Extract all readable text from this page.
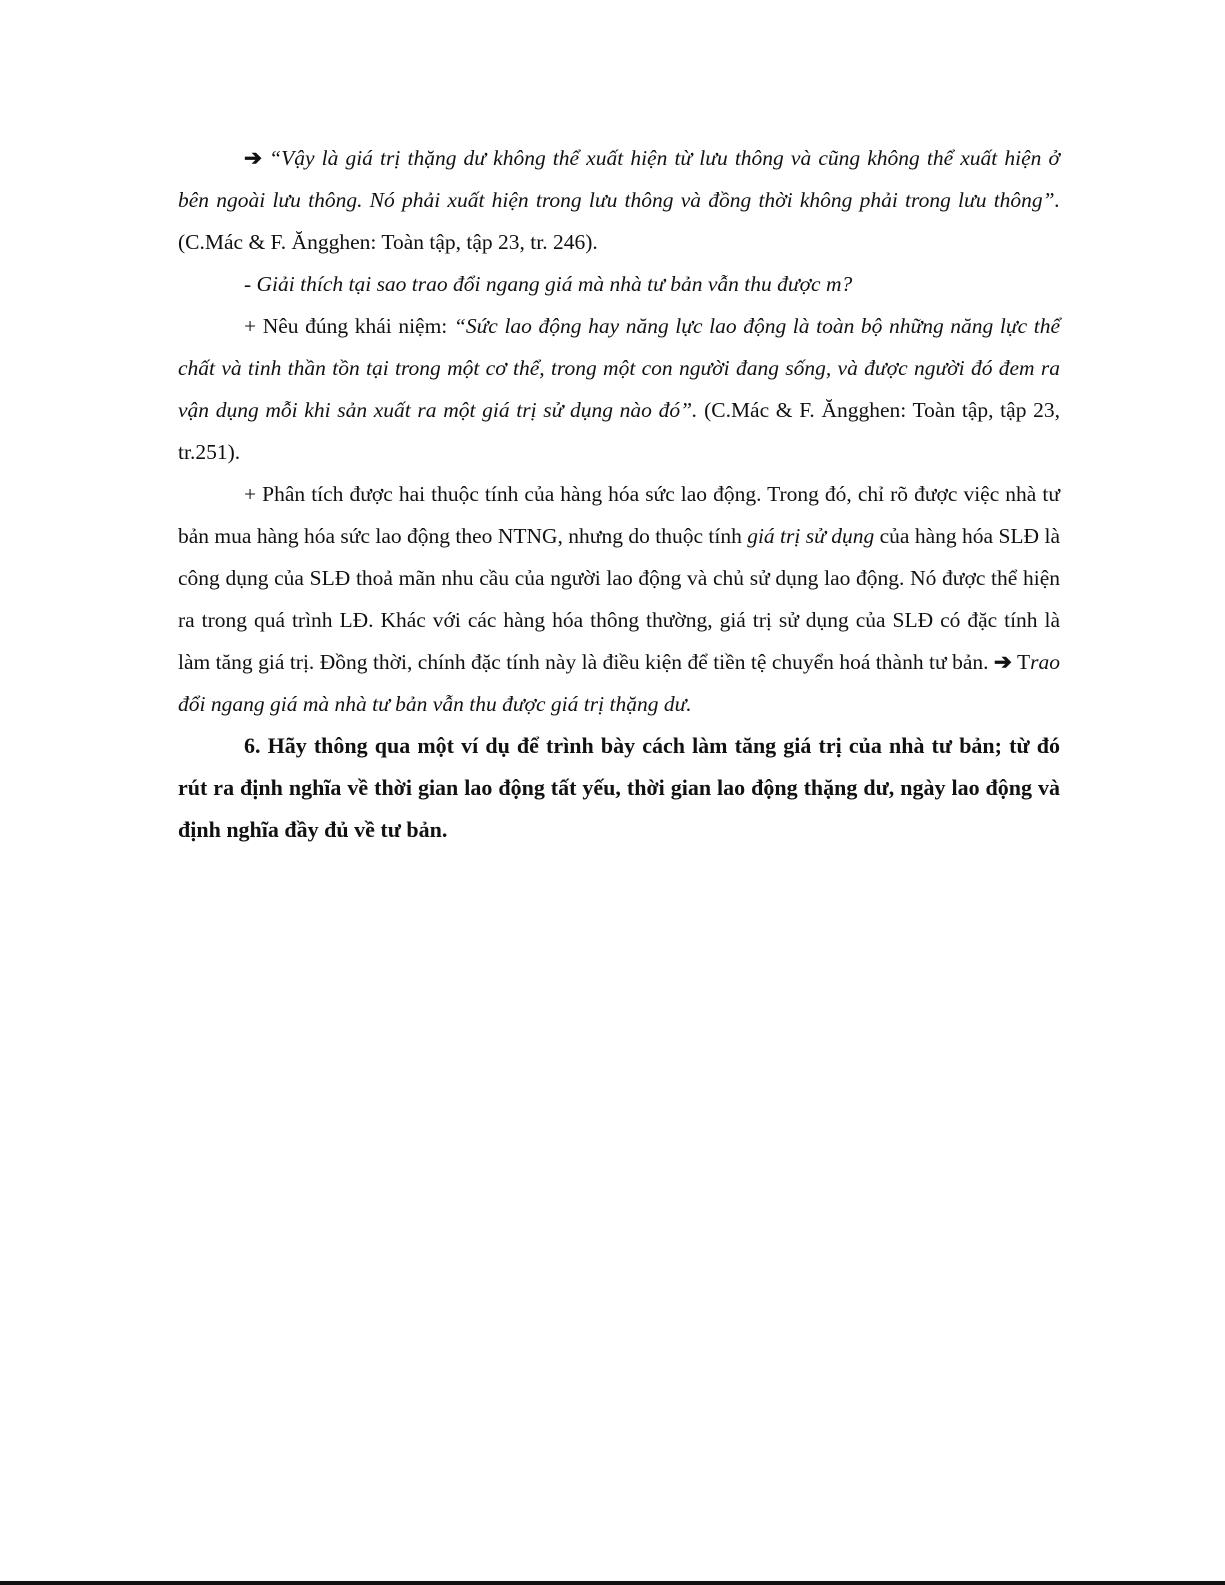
➔ “Vậy là giá trị thặng dư không thể xuất hiện từ lưu thông và cũng không thể xuất hiện ở bên ngoài lưu thông. Nó phải xuất hiện trong lưu thông và đồng thời không phải trong lưu thông”. (C.Mác & F. Ăngghen: Toàn tập, tập 23, tr. 246).

- Giải thích tại sao trao đổi ngang giá mà nhà tư bản vẫn thu được m?

+ Nêu đúng khái niệm: “Sức lao động hay năng lực lao động là toàn bộ những năng lực thể chất và tinh thần tồn tại trong một cơ thể, trong một con người đang sống, và được người đó đem ra vận dụng mỗi khi sản xuất ra một giá trị sử dụng nào đó”. (C.Mác & F. Ăngghen: Toàn tập, tập 23, tr.251).

+ Phân tích được hai thuộc tính của hàng hóa sức lao động. Trong đó, chỉ rõ được việc nhà tư bản mua hàng hóa sức lao động theo NTNG, nhưng do thuộc tính giá trị sử dụng của hàng hóa SLĐ là công dụng của SLĐ thoả mãn nhu cầu của người lao động và chủ sử dụng lao động. Nó được thể hiện ra trong quá trình LĐ. Khác với các hàng hóa thông thường, giá trị sử dụng của SLĐ có đặc tính là làm tăng giá trị. Đồng thời, chính đặc tính này là điều kiện để tiền tệ chuyển hoá thành tư bản. ➔ Trao đổi ngang giá mà nhà tư bản vẫn thu được giá trị thặng dư.

6. Hãy thông qua một ví dụ để trình bày cách làm tăng giá trị của nhà tư bản; từ đó rút ra định nghĩa về thời gian lao động tất yếu, thời gian lao động thặng dư, ngày lao động và định nghĩa đầy đủ về tư bản.
